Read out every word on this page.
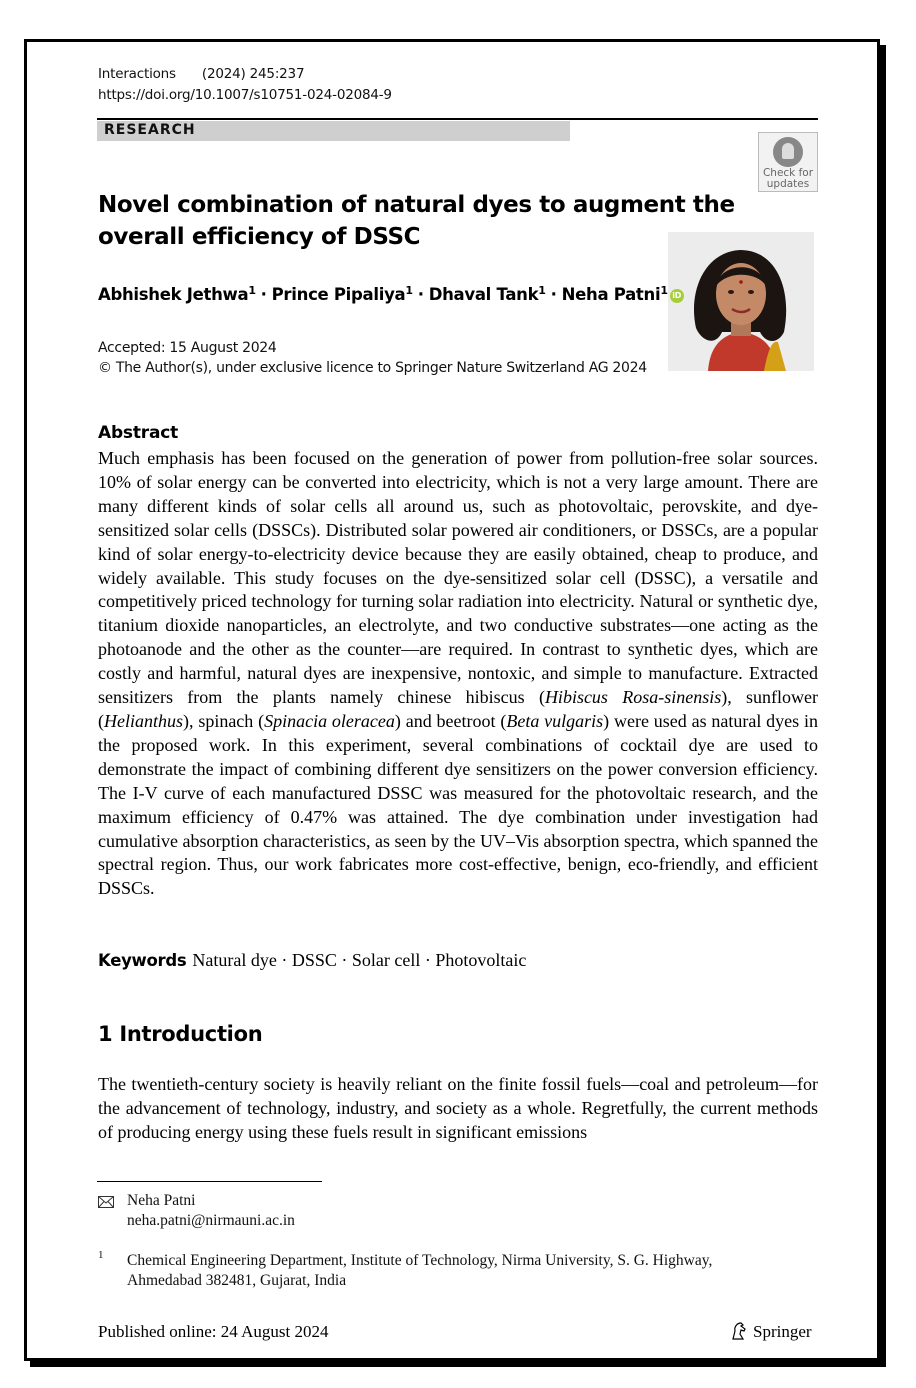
Interactions (2024) 245:237
https://doi.org/10.1007/s10751-024-02084-9
RESEARCH
Check for updates
Novel combination of natural dyes to augment the overall efficiency of DSSC
Abhishek Jethwa$^1$ · Prince Pipaliya$^1$ · Dhaval Tank$^1$ · Neha Patni$^1$ iD
Accepted: 15 August 2024
© The Author(s), under exclusive licence to Springer Nature Switzerland AG 2024
Abstract

Much emphasis has been focused on the generation of power from pollution-free solar sources. 10% of solar energy can be converted into electricity, which is not a very large amount. There are many different kinds of solar cells all around us, such as photovoltaic, perovskite, and dye-sensitized solar cells (DSSCs). Distributed solar powered air conditioners, or DSSCs, are a popular kind of solar energy-to-electricity device because they are easily obtained, cheap to produce, and widely available. This study focuses on the dye-sensitized solar cell (DSSC), a versatile and competitively priced technology for turning solar radiation into electricity. Natural or synthetic dye, titanium dioxide nanoparticles, an electrolyte, and two conductive substrates—one acting as the photoanode and the other as the counter—are required. In contrast to synthetic dyes, which are costly and harmful, natural dyes are inexpensive, nontoxic, and simple to manufacture. Extracted sensitizers from the plants namely chinese hibiscus (Hibiscus Rosa-sinensis), sunflower (Helianthus), spinach (Spinacia oleracea) and beetroot (Beta vulgaris) were used as natural dyes in the proposed work. In this experiment, several combinations of cocktail dye are used to demonstrate the impact of combining different dye sensitizers on the power conversion efficiency. The I-V curve of each manufactured DSSC was measured for the photovoltaic research, and the maximum efficiency of 0.47% was attained. The dye combination under investigation had cumulative absorption characteristics, as seen by the UV–Vis absorption spectra, which spanned the spectral region. Thus, our work fabricates more cost-effective, benign, eco-friendly, and efficient DSSCs.

Keywords Natural dye · DSSC · Solar cell · Photovoltaic
1 Introduction

The twentieth-century society is heavily reliant on the finite fossil fuels—coal and petroleum—for the advancement of technology, industry, and society as a whole. Regretfully, the current methods of producing energy using these fuels result in significant emissions

Neha Patni
neha.patni@nirmauni.ac.in
1 Chemical Engineering Department, Institute of Technology, Nirma University, S. G. Highway, Ahmedabad 382481, Gujarat, India

Published online: 24 August 2024	Springer
